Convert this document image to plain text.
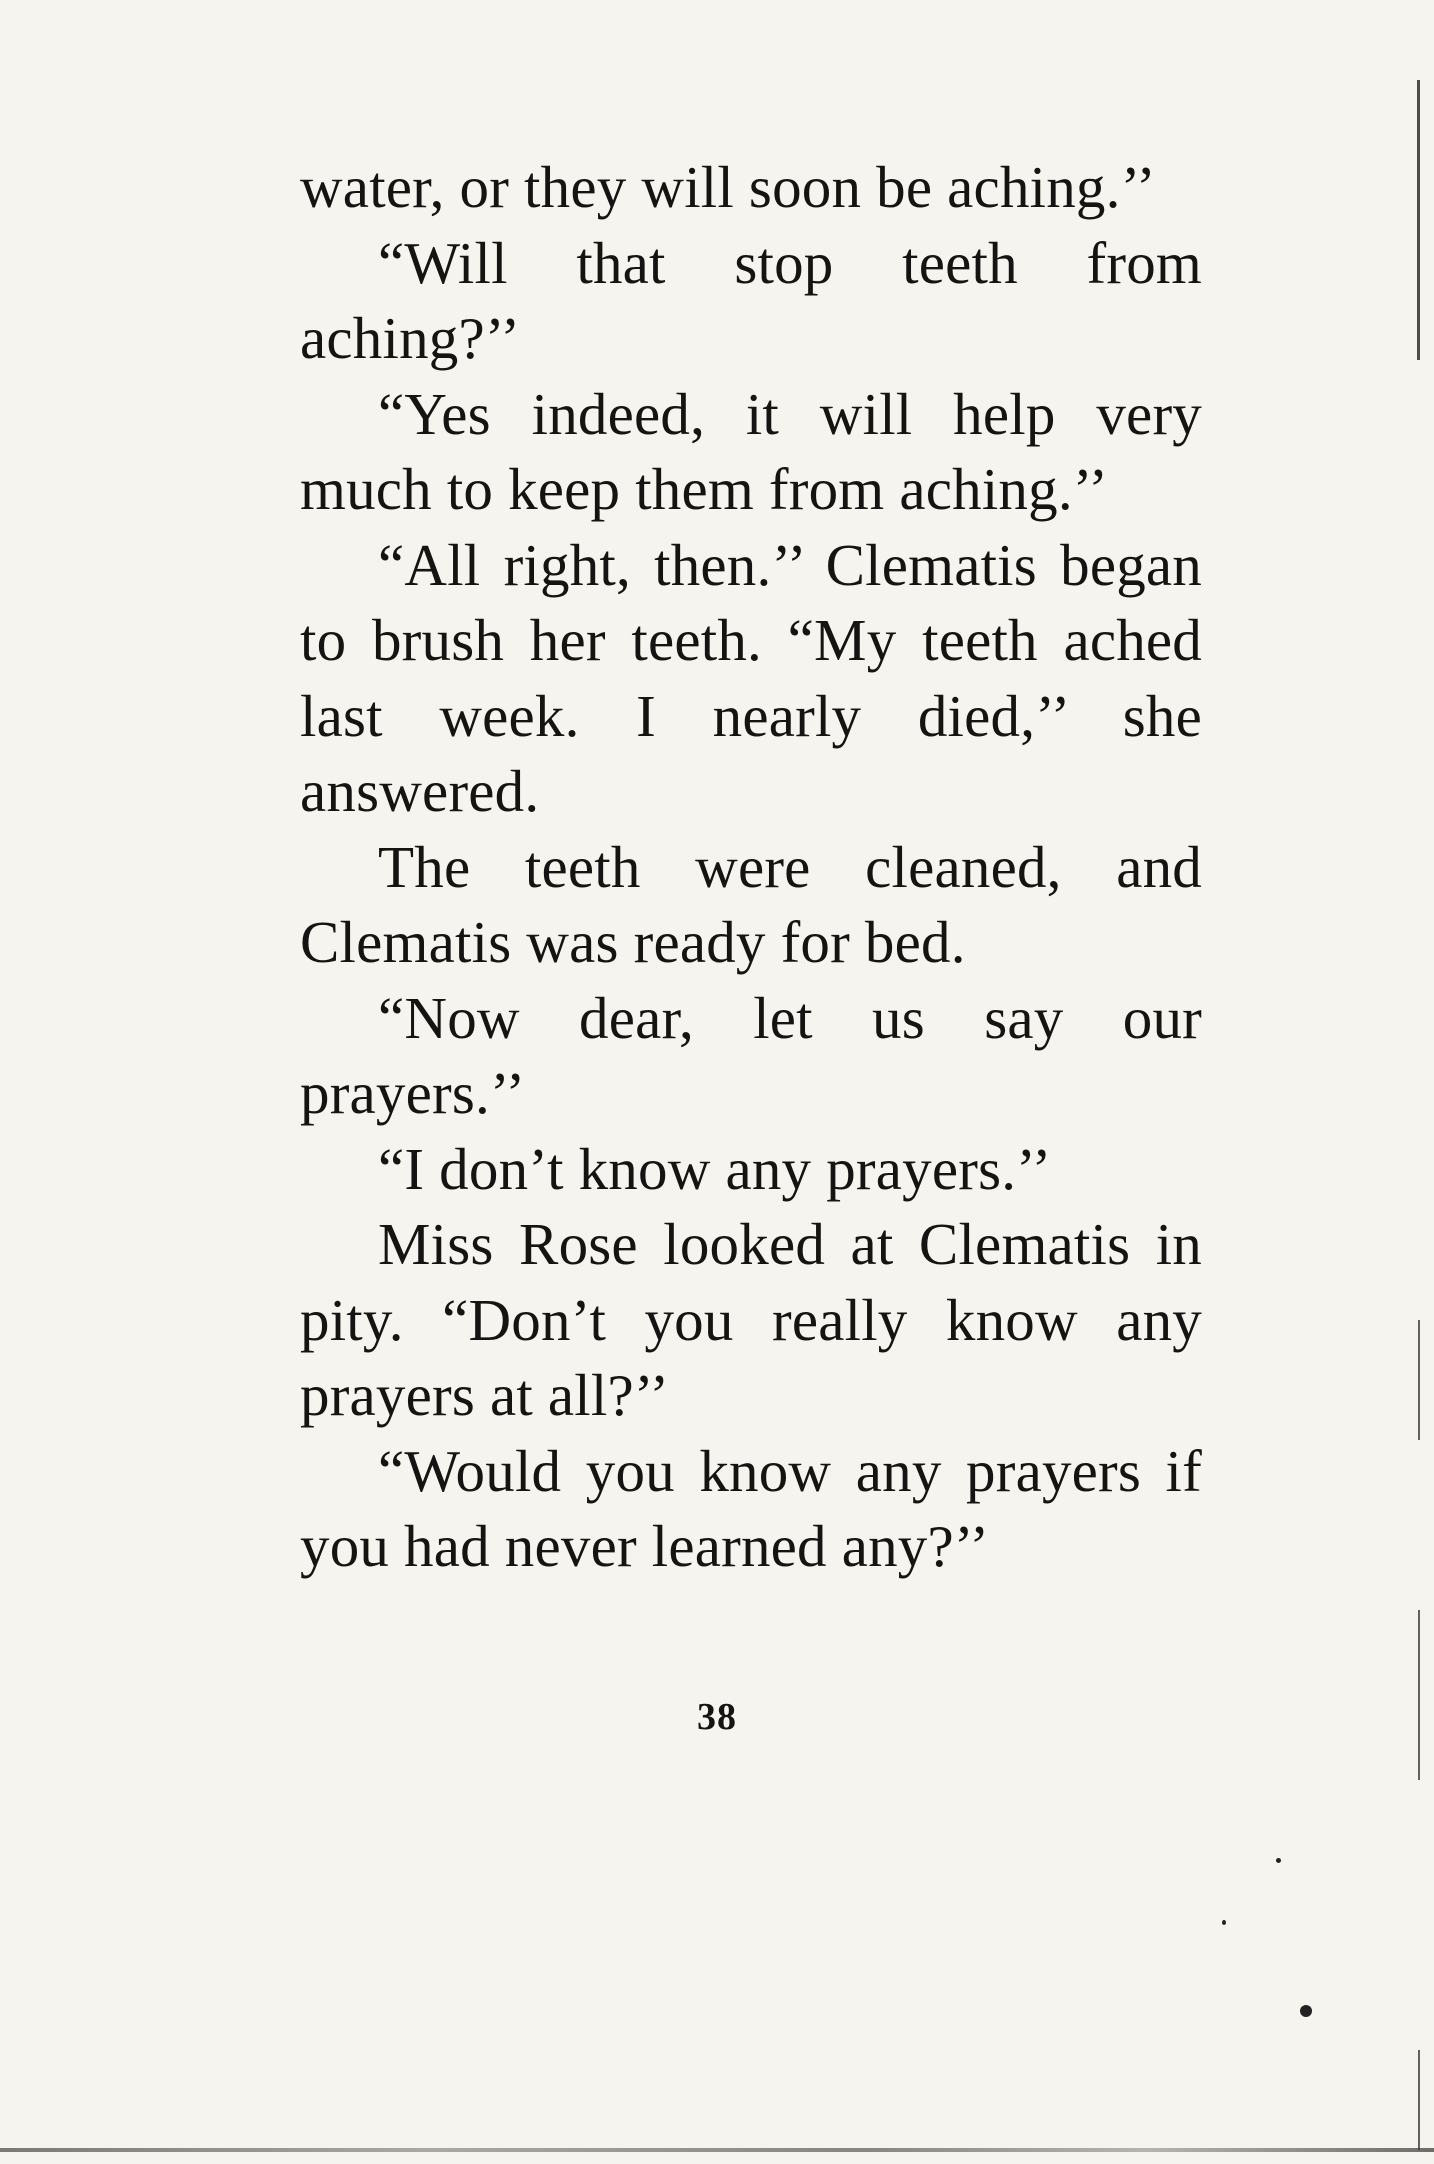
water, or they will soon be aching.’’

“Will that stop teeth from aching?’’

“Yes indeed, it will help very much to keep them from aching.’’

“All right, then.’’ Clematis began to brush her teeth. “My teeth ached last week. I nearly died,’’ she answered.

The teeth were cleaned, and Clematis was ready for bed.

“Now dear, let us say our prayers.’’

“I don’t know any prayers.’’

Miss Rose looked at Clematis in pity. “Don’t you really know any prayers at all?’’

“Would you know any prayers if you had never learned any?’’

38
